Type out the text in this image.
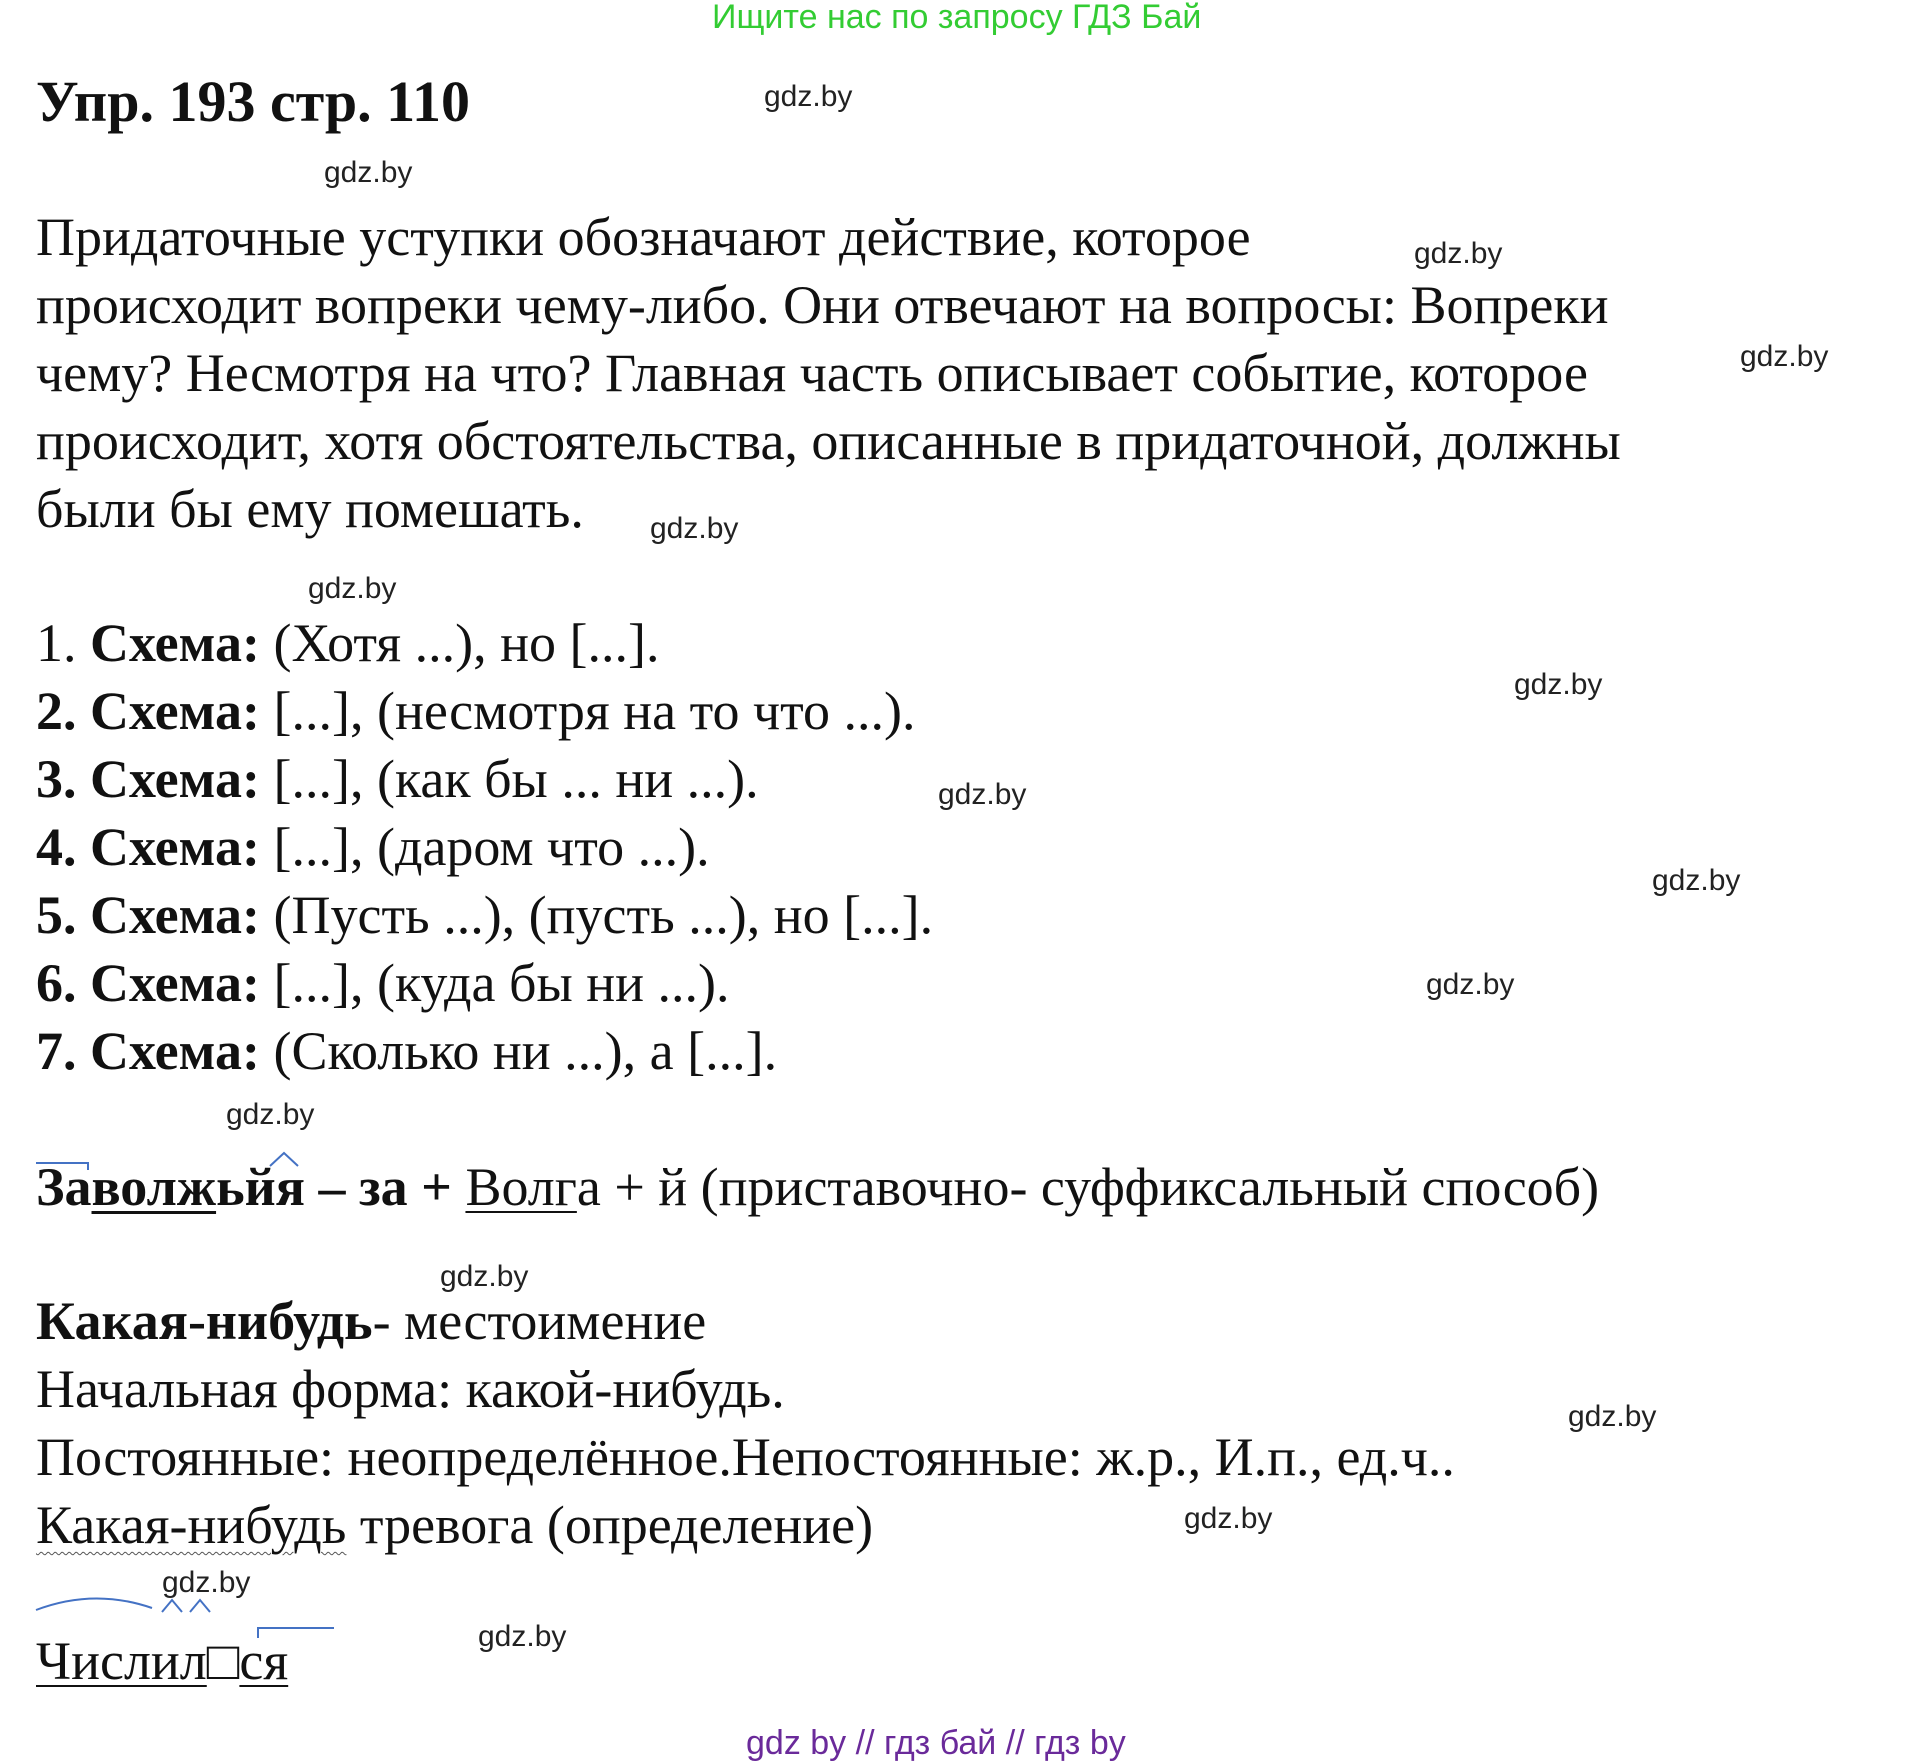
Ищите нас по запросу ГДЗ Бай
Упр. 193 стр. 110	gdz.by
gdz.by
gdz.by
gdz.by
gdz.by
gdz.by
gdz.by
gdz.by
gdz.by
gdz.by
gdz.by
gdz.by
gdz.by
gdz.by
gdz.by
gdz.by
Придаточные уступки обозначают действие, которое
происходит вопреки чему-либо. Они отвечают на вопросы: Вопреки
чему? Несмотря на что? Главная часть описывает событие, которое
происходит, хотя обстоятельства, описанные в придаточной, должны
были бы ему помешать.
1. Схема: (Хотя ...), но [...].
2. Схема: [...], (несмотря на то что ...).
3. Схема: [...], (как бы ... ни ...).
4. Схема: [...], (даром что ...).
5. Схема: (Пусть ...), (пусть ...), но [...].
6. Схема: [...], (куда бы ни ...).
7. Схема: (Сколько ни ...), а [...].
Заволжьйя – за + Волга + й (приставочно- суффиксальный способ)
Какая-нибудь- местоимение
Начальная форма: какой-нибудь.
Постоянные: неопределённое.Непостоянные: ж.р., И.п., ед.ч..
Какая-нибудь тревога (определение)
Числил□ся
gdz by // гдз бай // гдз by
